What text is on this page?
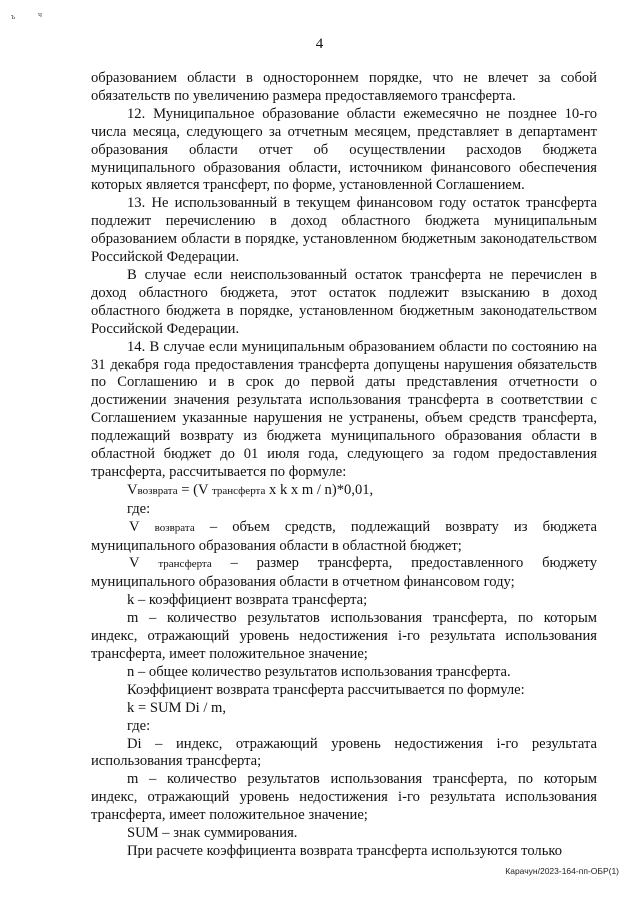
ъ	ч
4

образованием области в одностороннем порядке, что не влечет за собой обязательств по увеличению размера предоставляемого трансферта.

12. Муниципальное образование области ежемесячно не позднее 10-го числа месяца, следующего за отчетным месяцем, представляет в департамент образования области отчет об осуществлении расходов бюджета муниципального образования области, источником финансового обеспечения которых является трансферт, по форме, установленной Соглашением.

13. Не использованный в текущем финансовом году остаток трансферта подлежит перечислению в доход областного бюджета муниципальным образованием области в порядке, установленном бюджетным законодательством Российской Федерации.

В случае если неиспользованный остаток трансферта не перечислен в доход областного бюджета, этот остаток подлежит взысканию в доход областного бюджета в порядке, установленном бюджетным законодательством Российской Федерации.

14. В случае если муниципальным образованием области по состоянию на 31 декабря года предоставления трансферта допущены нарушения обязательств по Соглашению и в срок до первой даты представления отчетности о достижении значения результата использования трансферта в соответствии с Соглашением указанные нарушения не устранены, объем средств трансферта, подлежащий возврату из бюджета муниципального образования области в областной бюджет до 01 июля года, следующего за годом предоставления трансферта, рассчитывается по формуле:

Vвозврата = (V трансферта x k x m / n)*0,01,

где:

V возврата – объем средств, подлежащий возврату из бюджета муниципального образования области в областной бюджет;

V трансферта – размер трансферта, предоставленного бюджету муниципального образования области в отчетном финансовом году;

k – коэффициент возврата трансферта;

m – количество результатов использования трансферта, по которым индекс, отражающий уровень недостижения i-го результата использования трансферта, имеет положительное значение;

n – общее количество результатов использования трансферта.

Коэффициент возврата трансферта рассчитывается по формуле:

k = SUM Di / m,

где:

Di – индекс, отражающий уровень недостижения i-го результата использования трансферта;

m – количество результатов использования трансферта, по которым индекс, отражающий уровень недостижения i-го результата использования трансферта, имеет положительное значение;

SUM – знак суммирования.

При расчете коэффициента возврата трансферта используются только

Карачун/2023-164-пп-ОБР(1)
